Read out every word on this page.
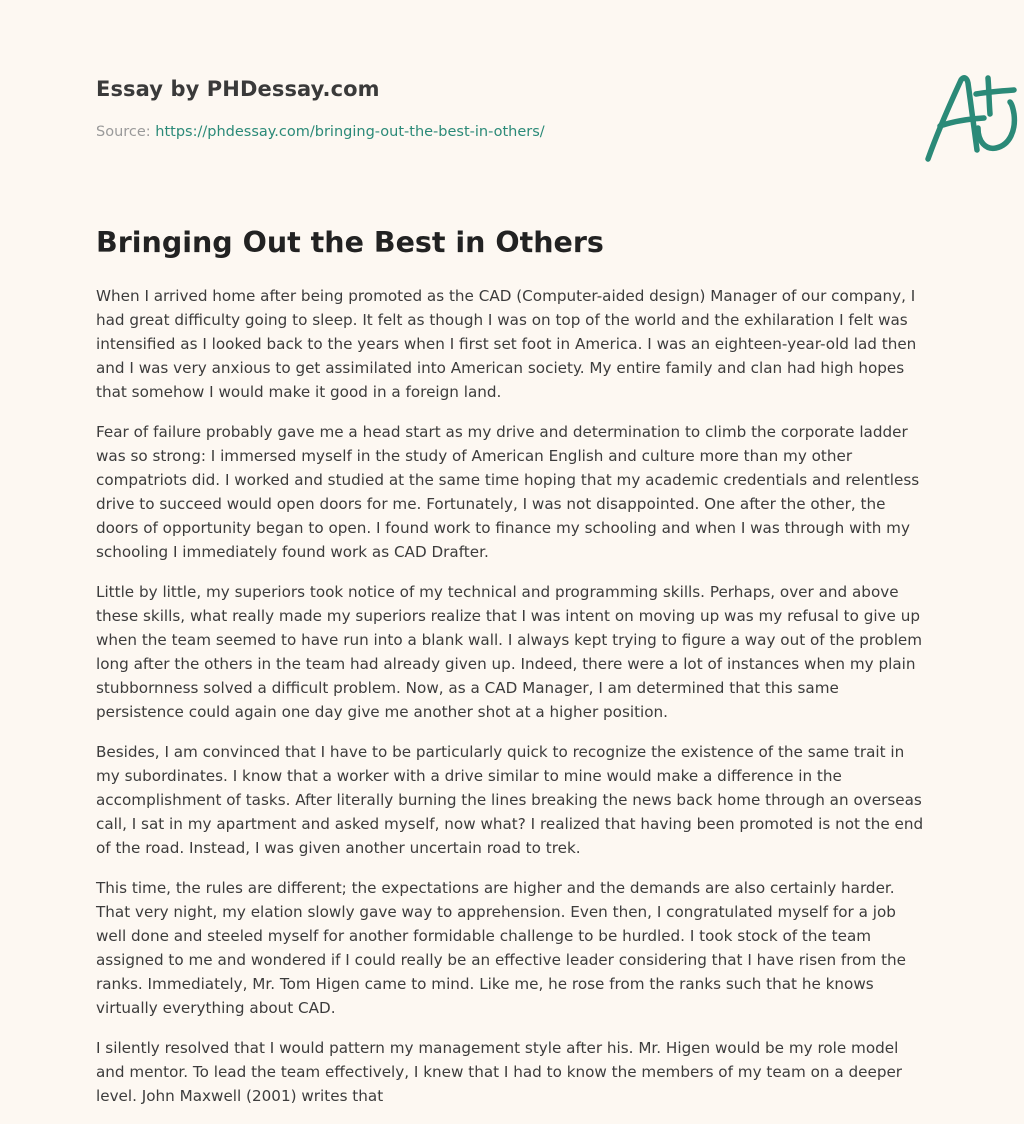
Essay by PHDessay.com
Source: https://phdessay.com/bringing-out-the-best-in-others/
Bringing Out the Best in Others

When I arrived home after being promoted as the CAD (Computer-aided design) Manager of our company, I had great difficulty going to sleep. It felt as though I was on top of the world and the exhilaration I felt was intensified as I looked back to the years when I first set foot in America. I was an eighteen-year-old lad then and I was very anxious to get assimilated into American society. My entire family and clan had high hopes that somehow I would make it good in a foreign land.

Fear of failure probably gave me a head start as my drive and determination to climb the corporate ladder was so strong: I immersed myself in the study of American English and culture more than my other compatriots did. I worked and studied at the same time hoping that my academic credentials and relentless drive to succeed would open doors for me. Fortunately, I was not disappointed. One after the other, the doors of opportunity began to open. I found work to finance my schooling and when I was through with my schooling I immediately found work as CAD Drafter.

Little by little, my superiors took notice of my technical and programming skills. Perhaps, over and above these skills, what really made my superiors realize that I was intent on moving up was my refusal to give up when the team seemed to have run into a blank wall. I always kept trying to figure a way out of the problem long after the others in the team had already given up. Indeed, there were a lot of instances when my plain stubbornness solved a difficult problem. Now, as a CAD Manager, I am determined that this same persistence could again one day give me another shot at a higher position.

Besides, I am convinced that I have to be particularly quick to recognize the existence of the same trait in my subordinates. I know that a worker with a drive similar to mine would make a difference in the accomplishment of tasks. After literally burning the lines breaking the news back home through an overseas call, I sat in my apartment and asked myself, now what? I realized that having been promoted is not the end of the road. Instead, I was given another uncertain road to trek.

This time, the rules are different; the expectations are higher and the demands are also certainly harder. That very night, my elation slowly gave way to apprehension. Even then, I congratulated myself for a job well done and steeled myself for another formidable challenge to be hurdled. I took stock of the team assigned to me and wondered if I could really be an effective leader considering that I have risen from the ranks. Immediately, Mr. Tom Higen came to mind. Like me, he rose from the ranks such that he knows virtually everything about CAD.

I silently resolved that I would pattern my management style after his. Mr. Higen would be my role model and mentor. To lead the team effectively, I knew that I had to know the members of my team on a deeper level. John Maxwell (2001) writes that
